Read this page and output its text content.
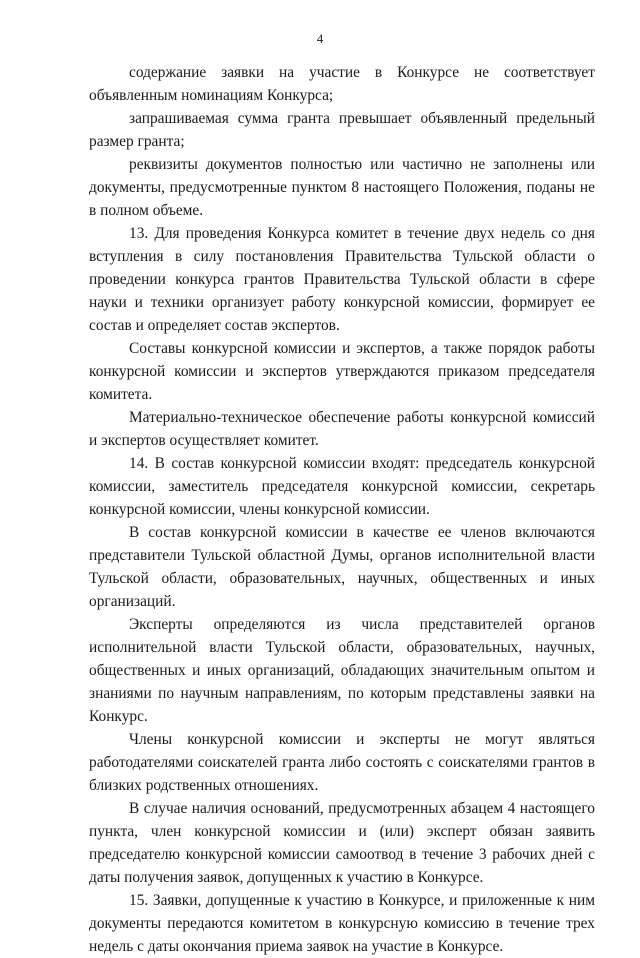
4

содержание заявки на участие в Конкурсе не соответствует объявленным номинациям Конкурса;

запрашиваемая сумма гранта превышает объявленный предельный размер гранта;

реквизиты документов полностью или частично не заполнены или документы, предусмотренные пунктом 8 настоящего Положения, поданы не в полном объеме.

13. Для проведения Конкурса комитет в течение двух недель со дня вступления в силу постановления Правительства Тульской области о проведении конкурса грантов Правительства Тульской области в сфере науки и техники организует работу конкурсной комиссии, формирует ее состав и определяет состав экспертов.

Составы конкурсной комиссии и экспертов, а также порядок работы конкурсной комиссии и экспертов утверждаются приказом председателя комитета.

Материально-техническое обеспечение работы конкурсной комиссий и экспертов осуществляет комитет.

14. В состав конкурсной комиссии входят: председатель конкурсной комиссии, заместитель председателя конкурсной комиссии, секретарь конкурсной комиссии, члены конкурсной комиссии.

В состав конкурсной комиссии в качестве ее членов включаются представители Тульской областной Думы, органов исполнительной власти Тульской области, образовательных, научных, общественных и иных организаций.

Эксперты определяются из числа представителей органов исполнительной власти Тульской области, образовательных, научных, общественных и иных организаций, обладающих значительным опытом и знаниями по научным направлениям, по которым представлены заявки на Конкурс.

Члены конкурсной комиссии и эксперты не могут являться работодателями соискателей гранта либо состоять с соискателями грантов в близких родственных отношениях.

В случае наличия оснований, предусмотренных абзацем 4 настоящего пункта, член конкурсной комиссии и (или) эксперт обязан заявить председателю конкурсной комиссии самоотвод в течение 3 рабочих дней с даты получения заявок, допущенных к участию в Конкурсе.

15. Заявки, допущенные к участию в Конкурсе, и приложенные к ним документы передаются комитетом в конкурсную комиссию в течение трех недель с даты окончания приема заявок на участие в Конкурсе.
